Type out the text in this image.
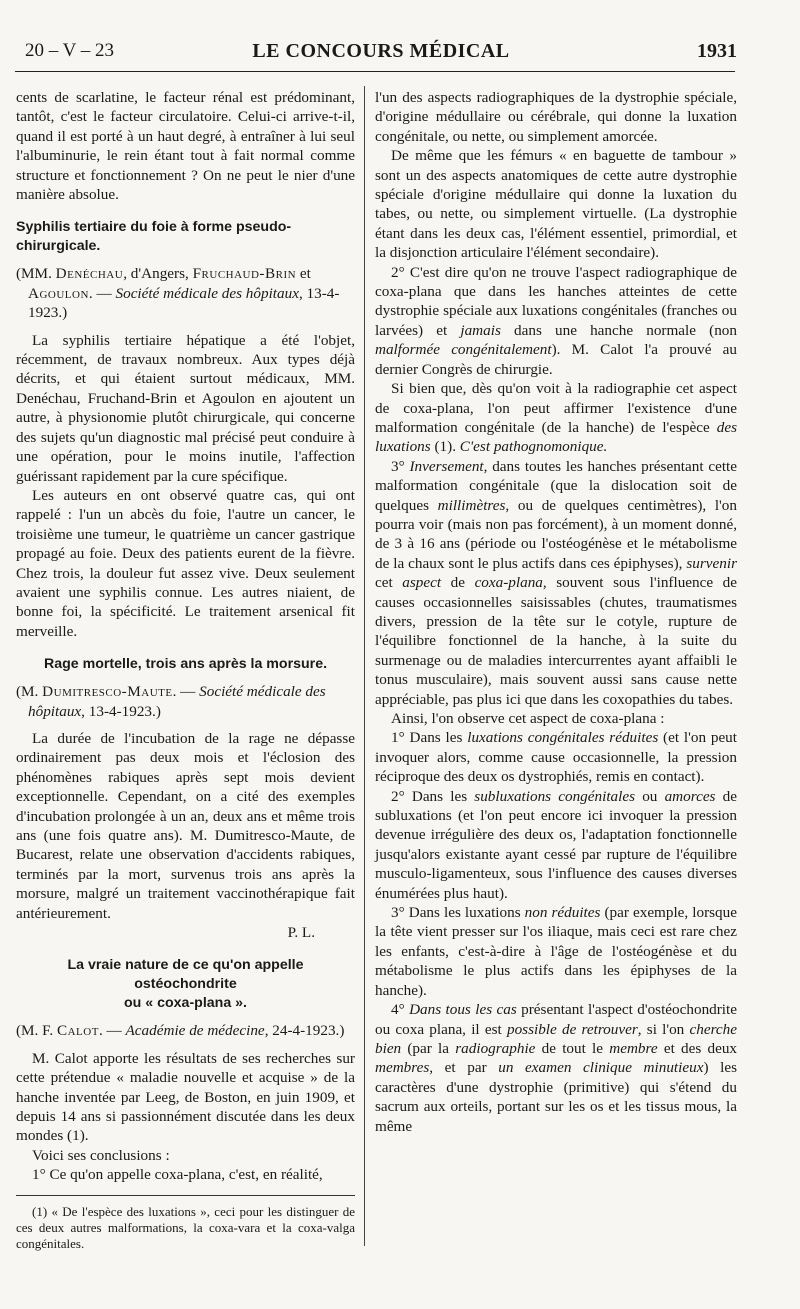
20 – V – 23	LE CONCOURS MÉDICAL	1931

cents de scarlatine, le facteur rénal est prédominant, tantôt, c'est le facteur circulatoire. Celui-ci arrive-t-il, quand il est porté à un haut degré, à entraîner à lui seul l'albuminurie, le rein étant tout à fait normal comme structure et fonctionnement ? On ne peut le nier d'une manière absolue.

Syphilis tertiaire du foie à forme pseudo-chirurgicale.

(MM. Denéchau, d'Angers, Fruchaud-Brin et Agoulon. — Société médicale des hôpitaux, 13-4-1923.)

La syphilis tertiaire hépatique a été l'objet, récemment, de travaux nombreux. Aux types déjà décrits, et qui étaient surtout médicaux, MM. Denéchau, Fruchand-Brin et Agoulon en ajoutent un autre, à physionomie plutôt chirurgicale, qui concerne des sujets qu'un diagnostic mal précisé peut conduire à une opération, pour le moins inutile, l'affection guérissant rapidement par la cure spécifique.

Les auteurs en ont observé quatre cas, qui ont rappelé : l'un un abcès du foie, l'autre un cancer, le troisième une tumeur, le quatrième un cancer gastrique propagé au foie. Deux des patients eurent de la fièvre. Chez trois, la douleur fut assez vive. Deux seulement avaient une syphilis connue. Les autres niaient, de bonne foi, la spécificité. Le traitement arsenical fit merveille.

Rage mortelle, trois ans après la morsure.

(M. Dumitresco-Maute. — Société médicale des hôpitaux, 13-4-1923.)

La durée de l'incubation de la rage ne dépasse ordinairement pas deux mois et l'éclosion des phénomènes rabiques après sept mois devient exceptionnelle. Cependant, on a cité des exemples d'incubation prolongée à un an, deux ans et même trois ans (une fois quatre ans). M. Dumitresco-Maute, de Bucarest, relate une observation d'accidents rabiques, terminés par la mort, survenus trois ans après la morsure, malgré un traitement vaccinothérapique fait antérieurement.

P. L.

La vraie nature de ce qu'on appelle ostéochondrite

ou « coxa-plana ».

(M. F. Calot. — Académie de médecine, 24-4-1923.)

M. Calot apporte les résultats de ses recherches sur cette prétendue « maladie nouvelle et acquise » de la hanche inventée par Leeg, de Boston, en juin 1909, et depuis 14 ans si passionnément discutée dans les deux mondes (1).

Voici ses conclusions :

1° Ce qu'on appelle coxa-plana, c'est, en réalité,

(1) « De l'espèce des luxations », ceci pour les distinguer de ces deux autres malformations, la coxa-vara et la coxa-valga congénitales.

l'un des aspects radiographiques de la dystrophie spéciale, d'origine médullaire ou cérébrale, qui donne la luxation congénitale, ou nette, ou simplement amorcée.

De même que les fémurs « en baguette de tambour » sont un des aspects anatomiques de cette autre dystrophie spéciale d'origine médullaire qui donne la luxation du tabes, ou nette, ou simplement virtuelle. (La dystrophie étant dans les deux cas, l'élément essentiel, primordial, et la disjonction articulaire l'élément secondaire).

2° C'est dire qu'on ne trouve l'aspect radiographique de coxa-plana que dans les hanches atteintes de cette dystrophie spéciale aux luxations congénitales (franches ou larvées) et jamais dans une hanche normale (non malformée congénitalement). M. Calot l'a prouvé au dernier Congrès de chirurgie.

Si bien que, dès qu'on voit à la radiographie cet aspect de coxa-plana, l'on peut affirmer l'existence d'une malformation congénitale (de la hanche) de l'espèce des luxations (1). C'est pathognomonique.

3° Inversement, dans toutes les hanches présentant cette malformation congénitale (que la dislocation soit de quelques millimètres, ou de quelques centimètres), l'on pourra voir (mais non pas forcément), à un moment donné, de 3 à 16 ans (période ou l'ostéogénèse et le métabolisme de la chaux sont le plus actifs dans ces épiphyses), survenir cet aspect de coxa-plana, souvent sous l'influence de causes occasionnelles saisissables (chutes, traumatismes divers, pression de la tête sur le cotyle, rupture de l'équilibre fonctionnel de la hanche, à la suite du surmenage ou de maladies intercurrentes ayant affaibli le tonus musculaire), mais souvent aussi sans cause nette appréciable, pas plus ici que dans les coxopathies du tabes.

Ainsi, l'on observe cet aspect de coxa-plana :

1° Dans les luxations congénitales réduites (et l'on peut invoquer alors, comme cause occasionnelle, la pression réciproque des deux os dystrophiés, remis en contact).

2° Dans les subluxations congénitales ou amorces de subluxations (et l'on peut encore ici invoquer la pression devenue irrégulière des deux os, l'adaptation fonctionnelle jusqu'alors existante ayant cessé par rupture de l'équilibre musculo-ligamenteux, sous l'influence des causes diverses énumérées plus haut).

3° Dans les luxations non réduites (par exemple, lorsque la tête vient presser sur l'os iliaque, mais ceci est rare chez les enfants, c'est-à-dire à l'âge de l'ostéogénèse et du métabolisme le plus actifs dans les épiphyses de la hanche).

4° Dans tous les cas présentant l'aspect d'ostéochondrite ou coxa plana, il est possible de retrouver, si l'on cherche bien (par la radiographie de tout le membre et des deux membres, et par un examen clinique minutieux) les caractères d'une dystrophie (primitive) qui s'étend du sacrum aux orteils, portant sur les os et les tissus mous, la même
